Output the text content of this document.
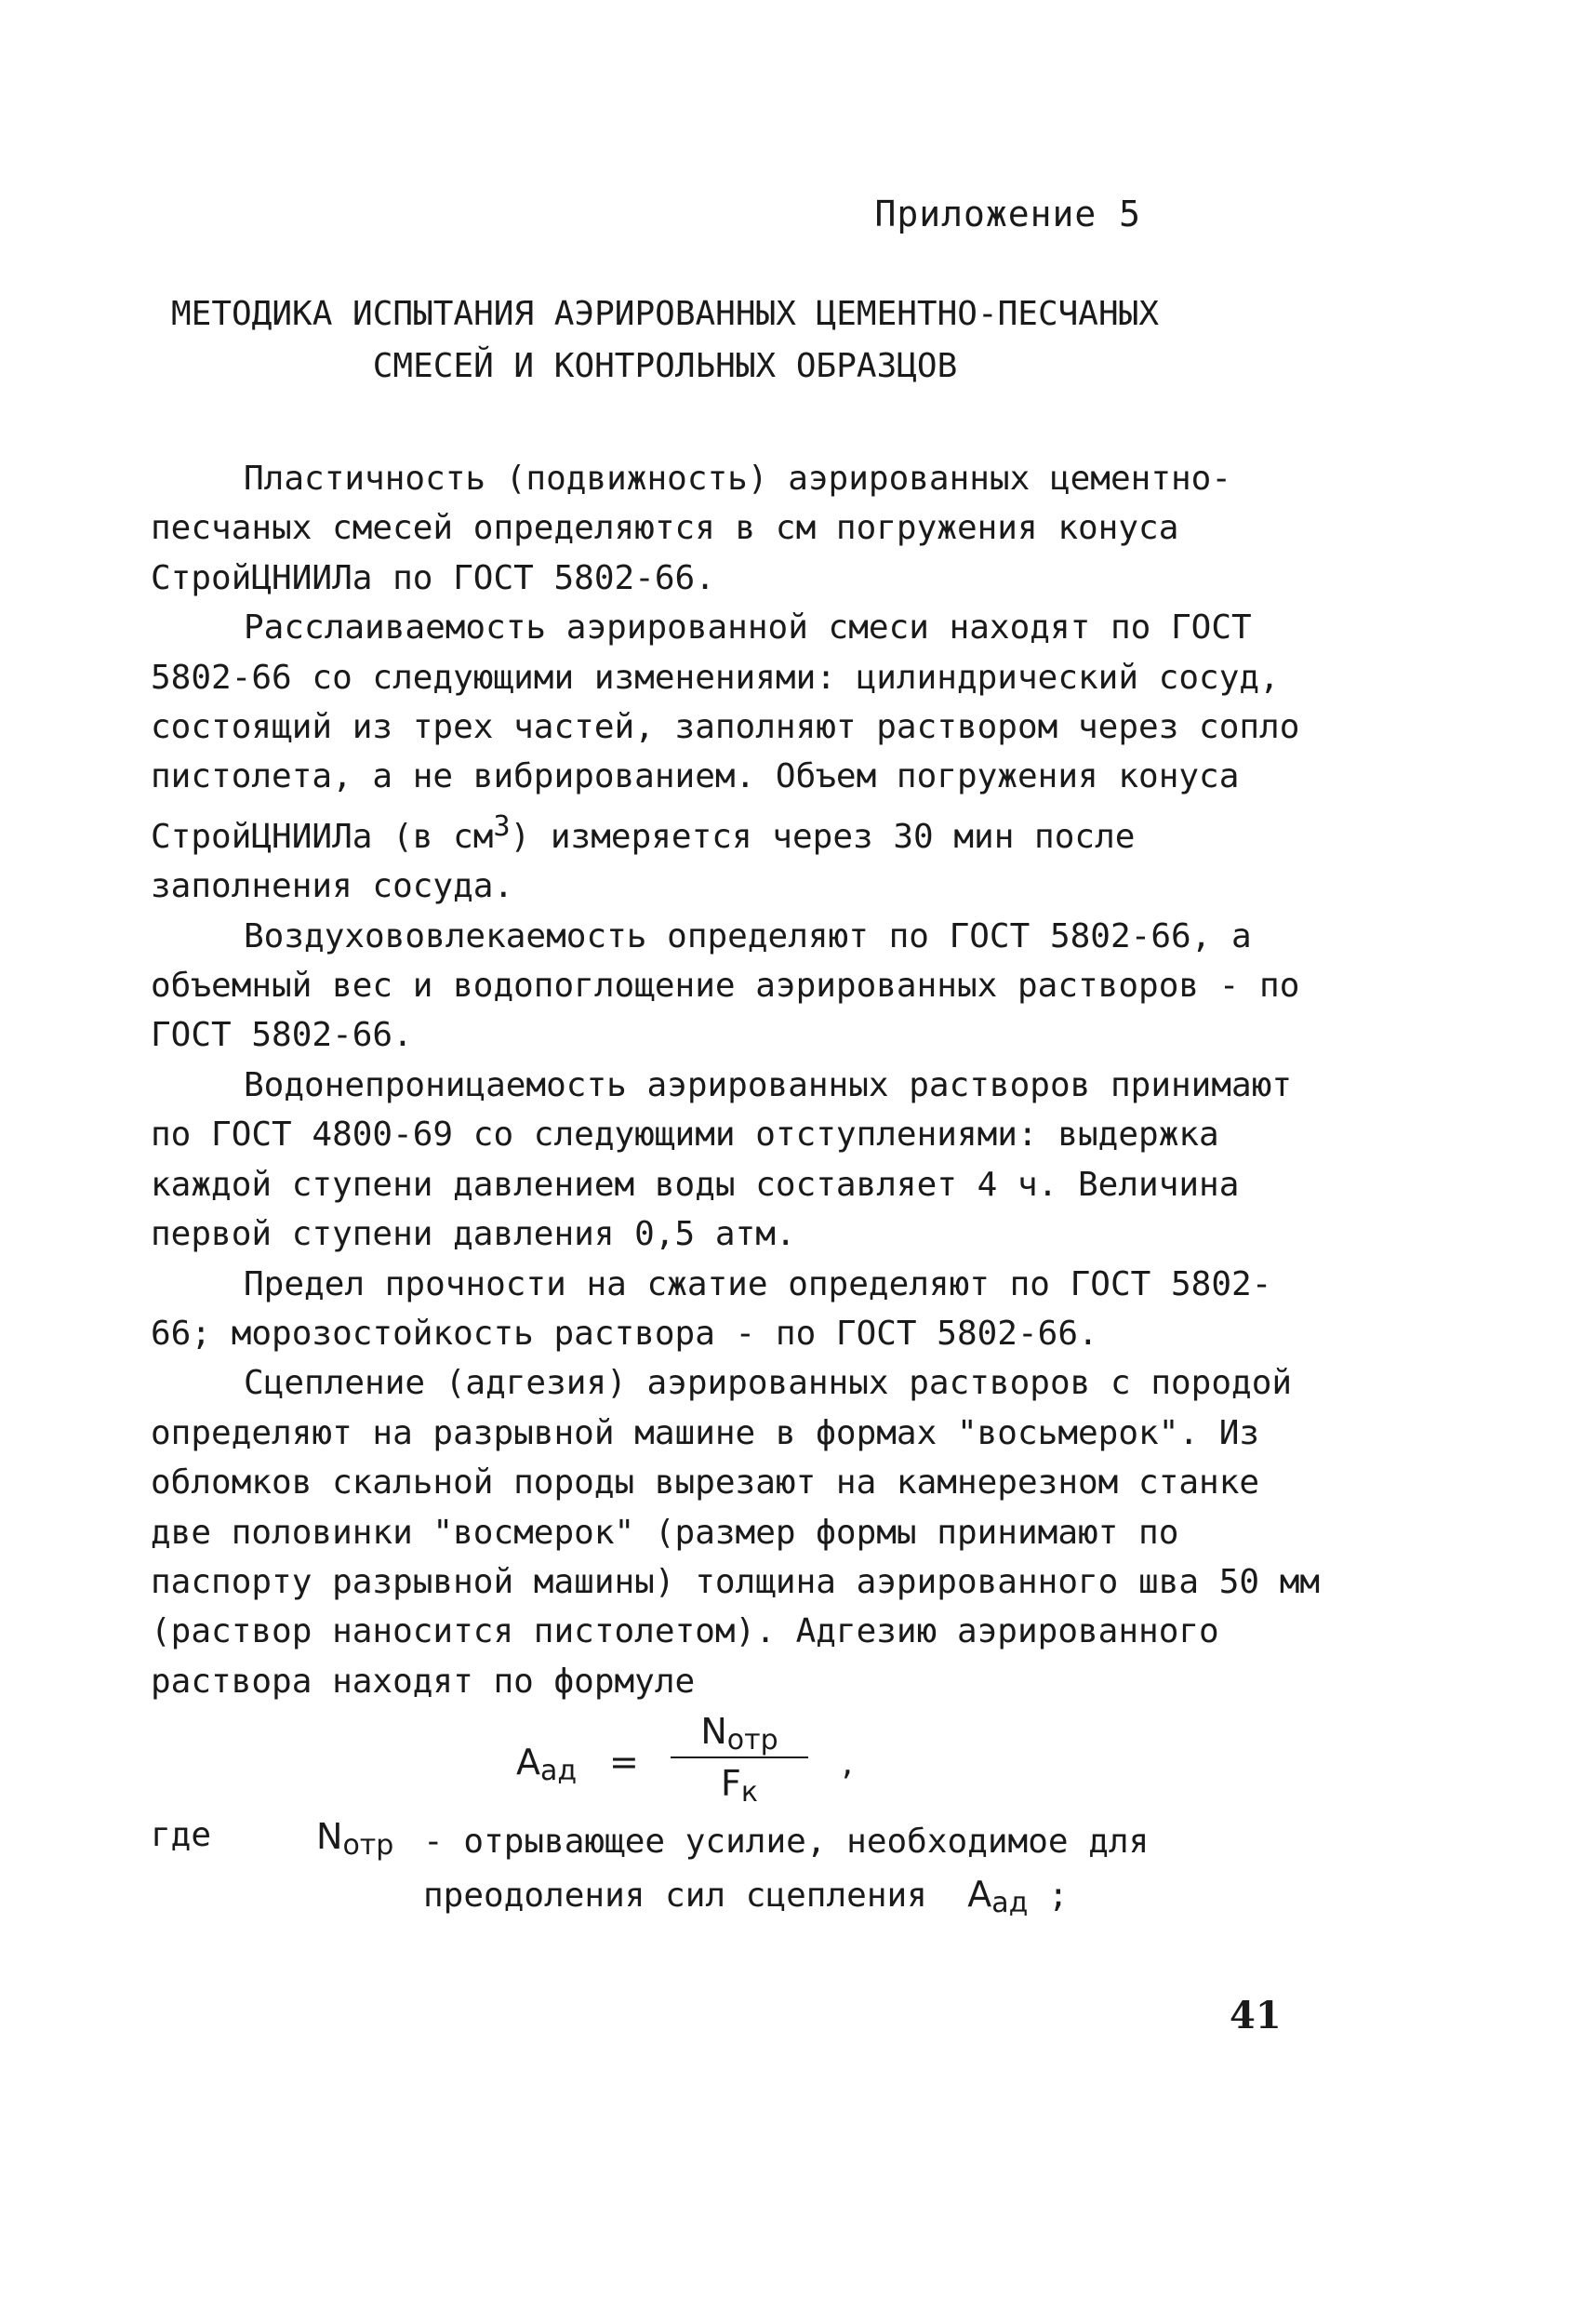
Приложение 5
МЕТОДИКА ИСПЫТАНИЯ АЭРИРОВАННЫХ ЦЕМЕНТНО-ПЕСЧАНЫХ
СМЕСЕЙ И КОНТРОЛЬНЫХ ОБРАЗЦОВ

Пластичность (подвижность) аэрированных цементно-песчаных смесей определяются в см погружения конуса СтройЦНИИЛа по ГОСТ 5802-66.

Расслаиваемость аэрированной смеси находят по ГОСТ 5802-66 со следующими изменениями: цилиндрический сосуд, состоящий из трех частей, заполняют раствором через сопло пистолета, а не вибрированием. Объем погружения конуса СтройЦНИИЛа (в $см^3$) измеряется через 30 мин после заполнения сосуда.

Воздухововлекаемость определяют по ГОСТ 5802-66, а объемный вес и водопоглощение аэрированных растворов - по ГОСТ 5802-66.

Водонепроницаемость аэрированных растворов принимают по ГОСТ 4800-69 со следующими отступлениями: выдержка каждой ступени давлением воды составляет 4 ч. Величина первой ступени давления 0,5 атм.

Предел прочности на сжатие определяют по ГОСТ 5802-66; морозостойкость раствора - по ГОСТ 5802-66.

Сцепление (адгезия) аэрированных растворов с породой определяют на разрывной машине в формах "восьмерок". Из обломков скальной породы вырезают на камнерезном станке две половинки "восмерок" (размер формы принимают по паспорту разрывной машины) толщина аэрированного шва 50 мм (раствор наносится пистолетом). Адгезию аэрированного раствора находят по формуле

$A_{ад}$ =
$N_{отр}$
$F_к$
,
где	$N_{отр}$ - отрывающее усилие, необходимое для преодоления сил сцепления $A_{ад}$ ;
41
